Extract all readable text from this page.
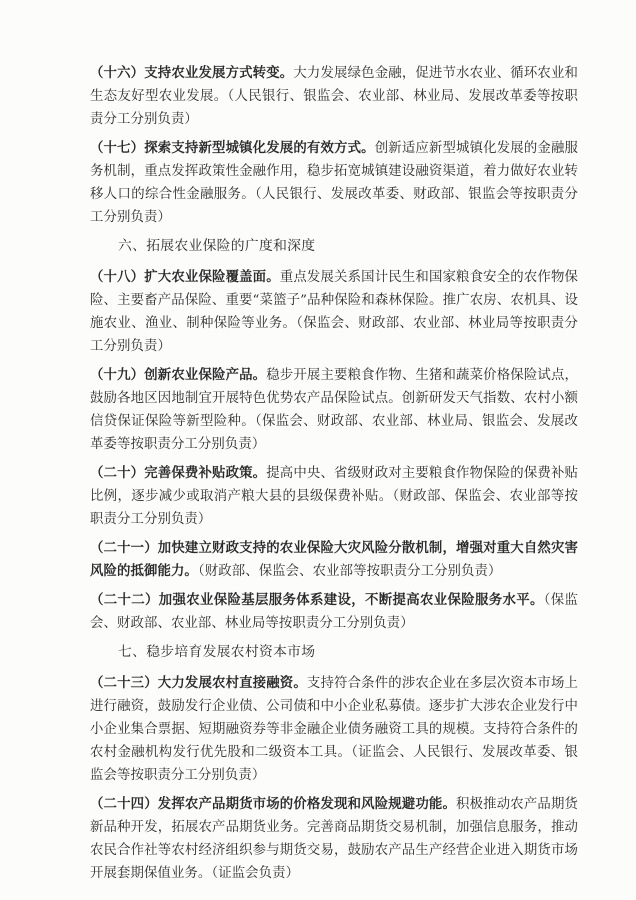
（十六）支持农业发展方式转变。大力发展绿色金融，促进节水农业、循环农业和生态友好型农业发展。（人民银行、银监会、农业部、林业局、发展改革委等按职责分工分别负责）

（十七）探索支持新型城镇化发展的有效方式。创新适应新型城镇化发展的金融服务机制，重点发挥政策性金融作用，稳步拓宽城镇建设融资渠道，着力做好农业转移人口的综合性金融服务。（人民银行、发展改革委、财政部、银监会等按职责分工分别负责）

六、拓展农业保险的广度和深度

（十八）扩大农业保险覆盖面。重点发展关系国计民生和国家粮食安全的农作物保险、主要畜产品保险、重要“菜篮子”品种保险和森林保险。推广农房、农机具、设施农业、渔业、制种保险等业务。（保监会、财政部、农业部、林业局等按职责分工分别负责）

（十九）创新农业保险产品。稳步开展主要粮食作物、生猪和蔬菜价格保险试点，鼓励各地区因地制宜开展特色优势农产品保险试点。创新研发天气指数、农村小额信贷保证保险等新型险种。（保监会、财政部、农业部、林业局、银监会、发展改革委等按职责分工分别负责）

（二十）完善保费补贴政策。提高中央、省级财政对主要粮食作物保险的保费补贴比例，逐步减少或取消产粮大县的县级保费补贴。（财政部、保监会、农业部等按职责分工分别负责）

（二十一）加快建立财政支持的农业保险大灾风险分散机制，增强对重大自然灾害风险的抵御能力。（财政部、保监会、农业部等按职责分工分别负责）

（二十二）加强农业保险基层服务体系建设，不断提高农业保险服务水平。（保监会、财政部、农业部、林业局等按职责分工分别负责）

七、稳步培育发展农村资本市场

（二十三）大力发展农村直接融资。支持符合条件的涉农企业在多层次资本市场上进行融资，鼓励发行企业债、公司债和中小企业私募债。逐步扩大涉农企业发行中小企业集合票据、短期融资券等非金融企业债务融资工具的规模。支持符合条件的农村金融机构发行优先股和二级资本工具。（证监会、人民银行、发展改革委、银监会等按职责分工分别负责）

（二十四）发挥农产品期货市场的价格发现和风险规避功能。积极推动农产品期货新品种开发，拓展农产品期货业务。完善商品期货交易机制，加强信息服务，推动农民合作社等农村经济组织参与期货交易，鼓励农产品生产经营企业进入期货市场开展套期保值业务。（证监会负责）
